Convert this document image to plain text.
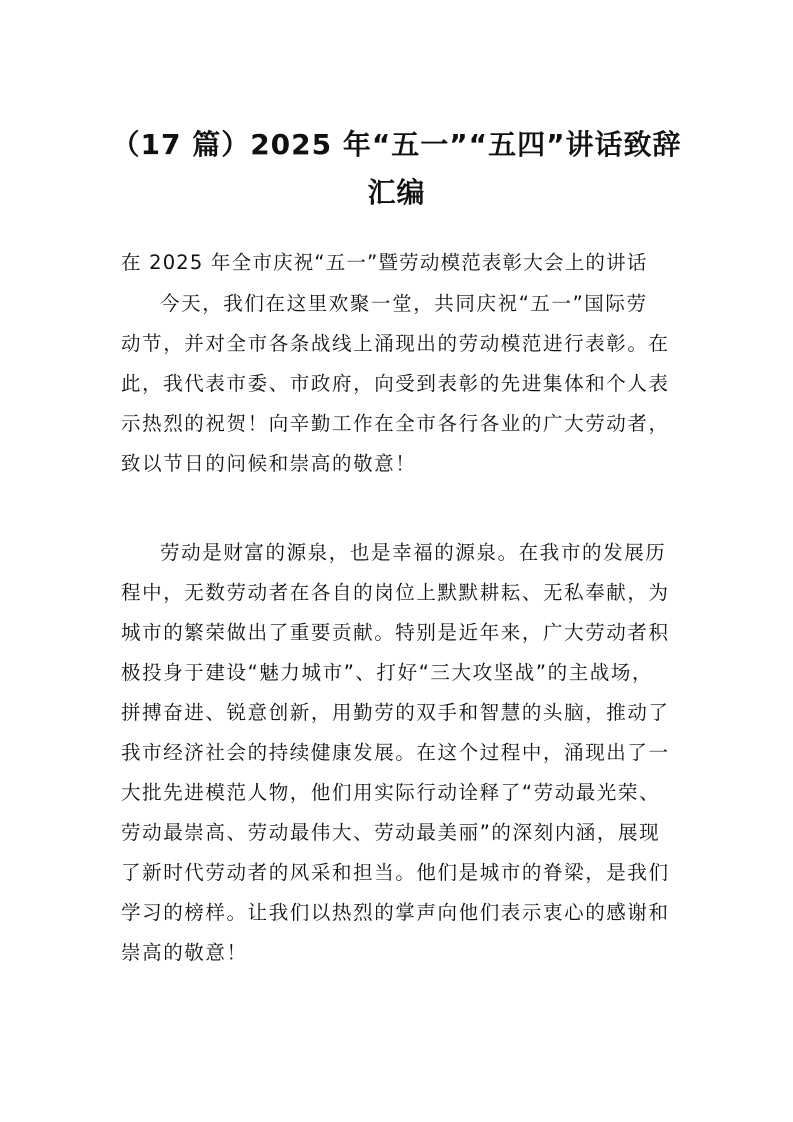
（17 篇）2025 年“五一”“五四”讲话致辞
汇编
在 2025 年全市庆祝“五一”暨劳动模范表彰大会上的讲话
今天，我们在这里欢聚一堂，共同庆祝“五一”国际劳
动节，并对全市各条战线上涌现出的劳动模范进行表彰。在
此，我代表市委、市政府，向受到表彰的先进集体和个人表
示热烈的祝贺！向辛勤工作在全市各行各业的广大劳动者，
致以节日的问候和崇高的敬意！
劳动是财富的源泉，也是幸福的源泉。在我市的发展历
程中，无数劳动者在各自的岗位上默默耕耘、无私奉献，为
城市的繁荣做出了重要贡献。特别是近年来，广大劳动者积
极投身于建设“魅力城市”、打好“三大攻坚战”的主战场，
拼搏奋进、锐意创新，用勤劳的双手和智慧的头脑，推动了
我市经济社会的持续健康发展。在这个过程中，涌现出了一
大批先进模范人物，他们用实际行动诠释了“劳动最光荣、
劳动最崇高、劳动最伟大、劳动最美丽”的深刻内涵，展现
了新时代劳动者的风采和担当。他们是城市的脊梁，是我们
学习的榜样。让我们以热烈的掌声向他们表示衷心的感谢和
崇高的敬意！
